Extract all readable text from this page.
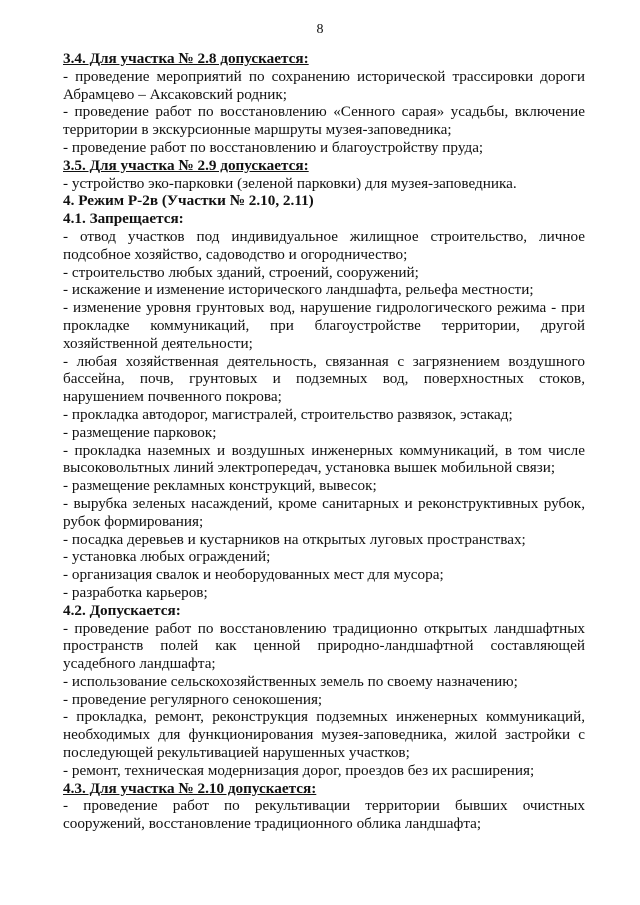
8
3.4. Для участка № 2.8 допускается:

- проведение мероприятий по сохранению исторической трассировки дороги Абрамцево – Аксаковский родник;

- проведение работ по восстановлению «Сенного сарая» усадьбы, включение территории в экскурсионные маршруты музея-заповедника;

- проведение работ по восстановлению и благоустройству пруда;

3.5. Для участка № 2.9 допускается:

- устройство эко-парковки (зеленой парковки) для музея-заповедника.

4. Режим Р-2в (Участки № 2.10, 2.11)
4.1. Запрещается:

- отвод участков под индивидуальное жилищное строительство, личное подсобное хозяйство, садоводство и огородничество;

- строительство любых зданий, строений, сооружений;

- искажение и изменение исторического ландшафта, рельефа местности;

- изменение уровня грунтовых вод, нарушение гидрологического режима - при прокладке коммуникаций, при благоустройстве территории, другой хозяйственной деятельности;

- любая хозяйственная деятельность, связанная с загрязнением воздушного бассейна, почв, грунтовых и подземных вод, поверхностных стоков, нарушением почвенного покрова;

- прокладка автодорог, магистралей, строительство развязок, эстакад;

- размещение парковок;

- прокладка наземных и воздушных инженерных коммуникаций, в том числе высоковольтных линий электропередач, установка вышек мобильной связи;

- размещение рекламных конструкций, вывесок;

- вырубка зеленых насаждений, кроме санитарных и реконструктивных рубок, рубок формирования;

- посадка деревьев и кустарников на открытых луговых пространствах;

- установка любых ограждений;

- организация свалок и необорудованных мест для мусора;

- разработка карьеров;

4.2. Допускается:

- проведение работ по восстановлению традиционно открытых ландшафтных пространств полей как ценной природно-ландшафтной составляющей усадебного ландшафта;

- использование сельскохозяйственных земель по своему назначению;

- проведение регулярного сенокошения;

- прокладка, ремонт, реконструкция подземных инженерных коммуникаций, необходимых для функционирования музея-заповедника, жилой застройки с последующей рекультивацией нарушенных участков;

- ремонт, техническая модернизация дорог, проездов без их расширения;

4.3. Для участка № 2.10 допускается:

- проведение работ по рекультивации территории бывших очистных сооружений, восстановление традиционного облика ландшафта;
